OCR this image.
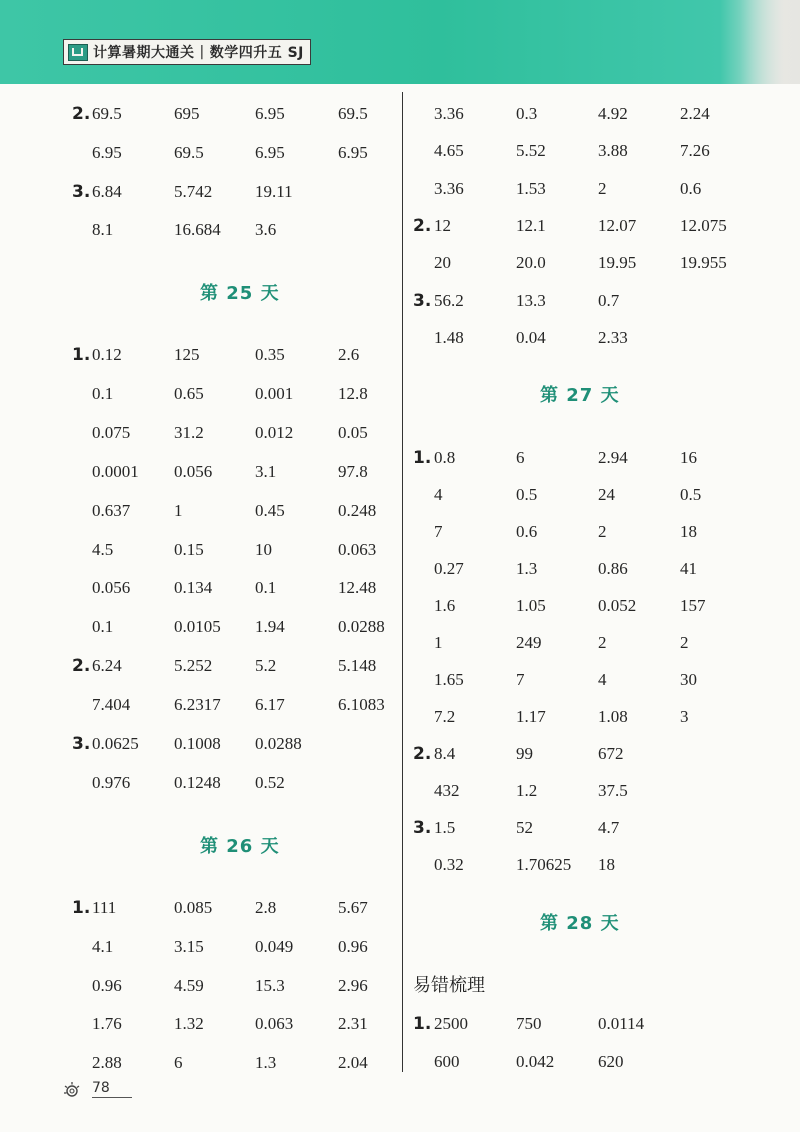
计算暑期大通关 | 数学四升五 SJ
2. 69.5	695	6.95	69.5
6.95	69.5	6.95	6.95
3. 6.84	5.742	19.11
8.1	16.684 3.6
第 25 天
1. 0.12	125	0.35	2.6
0.1	0.65	0.001	12.8
0.075	31.2	0.012	0.05
0.0001 0.056	3.1	97.8
0.637	1	0.45	0.248
4.5	0.15	10	0.063
0.056	0.134	0.1	12.48
0.1	0.0105 1.94	0.0288
2. 6.24	5.252	5.2	5.148
7.404	6.2317 6.17	6.1083
3. 0.0625 0.1008 0.0288
0.976	0.1248 0.52
第 26 天
1. 111	0.085	2.8	5.67
4.1	3.15	0.049	0.96
0.96	4.59	15.3	2.96
1.76	1.32	0.063	2.31
2.88	6	1.3	2.04
3.36	0.3	4.92	2.24
4.65	5.52	3.88	7.26
3.36	1.53	2	0.6
2. 12	12.1	12.07	12.075
20	20.0	19.95	19.955
3. 56.2	13.3	0.7
1.48	0.04	2.33
第 27 天
1. 0.8	6	2.94	16
4	0.5	24	0.5
7	0.6	2	18
0.27	1.3	0.86	41
1.6	1.05	0.052	157
1	249	2	2
1.65	7	4	30
7.2	1.17	1.08	3
2. 8.4	99	672
432	1.2	37.5
3. 1.5	52	4.7
0.32	1.70625 18
第 28 天
易错梳理
1. 2500	750	0.0114
600	0.042	620
78
